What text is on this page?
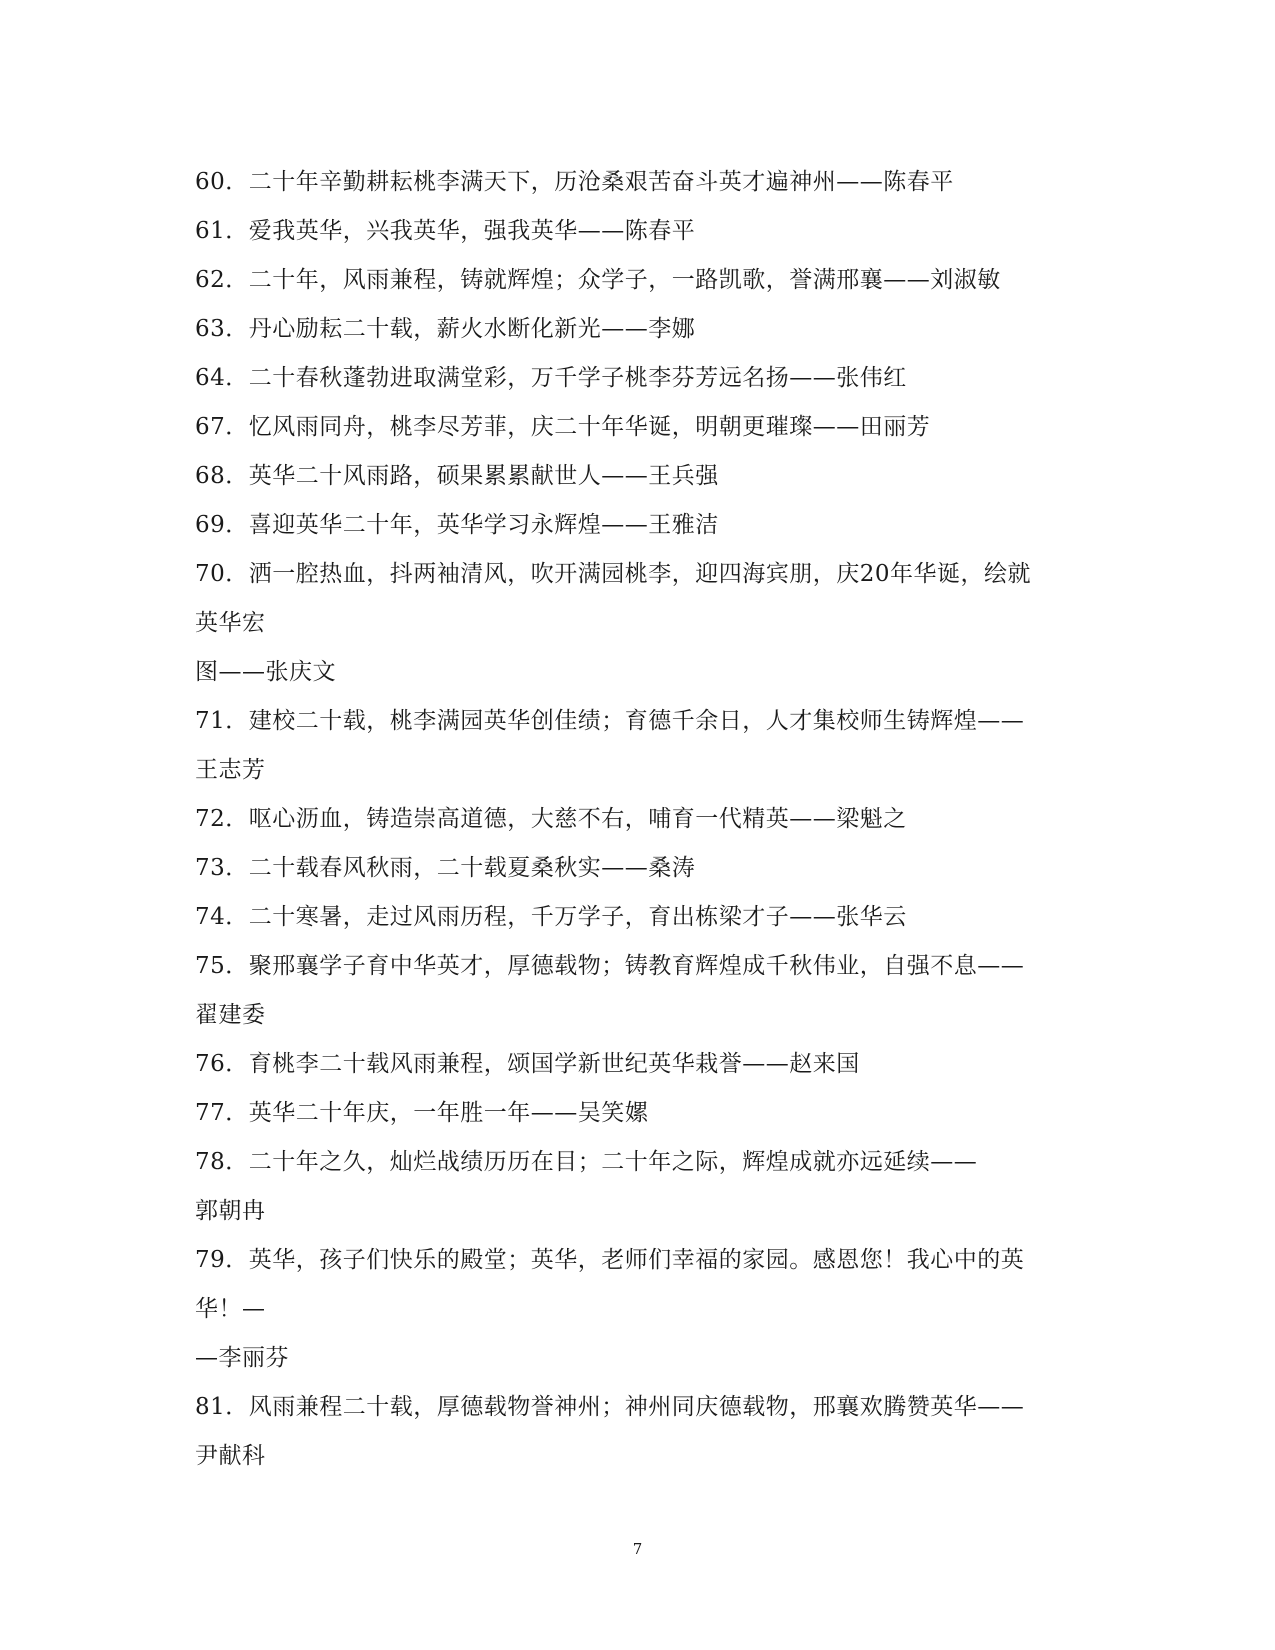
60．二十年辛勤耕耘桃李满天下，历沧桑艰苦奋斗英才遍神州——陈春平
61．爱我英华，兴我英华，强我英华——陈春平
62．二十年，风雨兼程，铸就辉煌；众学子，一路凯歌，誉满邢襄——刘淑敏
63．丹心励耘二十载，薪火水断化新光——李娜
64．二十春秋蓬勃进取满堂彩，万千学子桃李芬芳远名扬——张伟红
67．忆风雨同舟，桃李尽芳菲，庆二十年华诞，明朝更璀璨——田丽芳
68．英华二十风雨路，硕果累累献世人——王兵强
69．喜迎英华二十年，英华学习永辉煌——王雅洁
70．洒一腔热血，抖两袖清风，吹开满园桃李，迎四海宾朋，庆20年华诞，绘就
英华宏
图——张庆文
71．建校二十载，桃李满园英华创佳绩；育德千余日，人才集校师生铸辉煌——
王志芳
72．呕心沥血，铸造崇高道德，大慈不右，哺育一代精英——梁魁之
73．二十载春风秋雨，二十载夏桑秋实——桑涛
74．二十寒暑，走过风雨历程，千万学子，育出栋梁才子——张华云
75．聚邢襄学子育中华英才，厚德载物；铸教育辉煌成千秋伟业，自强不息——
翟建委
76．育桃李二十载风雨兼程，颂国学新世纪英华栽誉——赵来国
77．英华二十年庆，一年胜一年——吴笑嫘
78．二十年之久，灿烂战绩历历在目；二十年之际，辉煌成就亦远延续——
郭朝冉
79．英华，孩子们快乐的殿堂；英华，老师们幸福的家园。感恩您！我心中的英
华！—
—李丽芬
81．风雨兼程二十载，厚德载物誉神州；神州同庆德载物，邢襄欢腾赞英华——
尹献科
7
